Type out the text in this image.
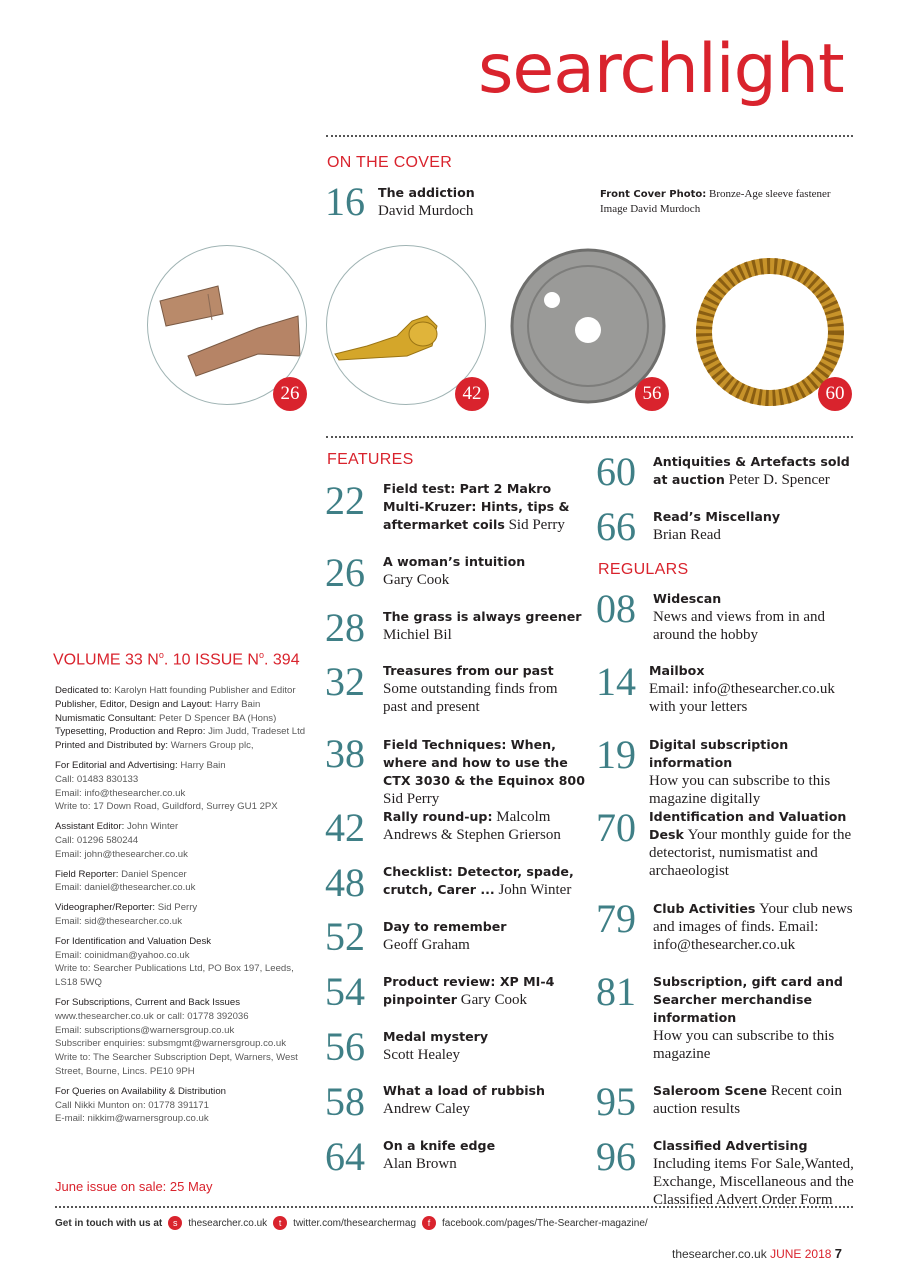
searchlight
ON THE COVER
16 The addiction
David Murdoch
Front Cover Photo: Bronze-Age sleeve fastener
Image David Murdoch
26	42	56	60
FEATURES
22 Field test: Part 2 Makro Multi-Kruzer: Hints, tips & aftermarket coils Sid Perry
26 A woman’s intuition
Gary Cook
28 The grass is always greener
Michiel Bil
32 Treasures from our past
Some outstanding finds from past and present
38 Field Techniques: When, where and how to use the CTX 3030 & the Equinox 800 Sid Perry
42 Rally round-up: Malcolm Andrews & Stephen Grierson
48 Checklist: Detector, spade, crutch, Carer ... John Winter
52 Day to remember
Geoff Graham
54 Product review: XP MI-4 pinpointer Gary Cook
56 Medal mystery
Scott Healey
58 What a load of rubbish
Andrew Caley
64 On a knife edge
Alan Brown
60 Antiquities & Artefacts sold at auction Peter D. Spencer
66 Read’s Miscellany
Brian Read
REGULARS
08 Widescan
News and views from in and around the hobby
14 Mailbox
Email: info@thesearcher.co.uk with your letters
19 Digital subscription information
How you can subscribe to this magazine digitally
70 Identification and Valuation Desk Your monthly guide for the detectorist, numismatist and archaeologist
79 Club Activities Your club news and images of finds. Email: info@thesearcher.co.uk
81 Subscription, gift card and Searcher merchandise information
How you can subscribe to this magazine
95 Saleroom Scene Recent coin auction results
96 Classified Advertising
Including items For Sale,Wanted, Exchange, Miscellaneous and the Classified Advert Order Form
VOLUME 33 $N^o$. 10 ISSUE $N^o$. 394
Dedicated to: Karolyn Hatt founding Publisher and Editor
Publisher, Editor, Design and Layout: Harry Bain
Numismatic Consultant: Peter D Spencer BA (Hons)
Typesetting, Production and Repro: Jim Judd, Tradeset Ltd
Printed and Distributed by: Warners Group plc,
For Editorial and Advertising: Harry Bain
Call: 01483 830133
Email: info@thesearcher.co.uk
Write to: 17 Down Road, Guildford, Surrey GU1 2PX
Assistant Editor: John Winter
Call: 01296 580244
Email: john@thesearcher.co.uk
Field Reporter: Daniel Spencer
Email: daniel@thesearcher.co.uk
Videographer/Reporter: Sid Perry
Email: sid@thesearcher.co.uk
For Identification and Valuation Desk
Email: coinidman@yahoo.co.uk
Write to: Searcher Publications Ltd, PO Box 197, Leeds, LS18 5WQ
For Subscriptions, Current and Back Issues
www.thesearcher.co.uk or call: 01778 392036
Email: subscriptions@warnersgroup.co.uk
Subscriber enquiries: subsmgmt@warnersgroup.co.uk
Write to: The Searcher Subscription Dept, Warners, West Street, Bourne, Lincs. PE10 9PH
For Queries on Availability & Distribution
Call Nikki Munton on: 01778 391171
E-mail: nikkim@warnersgroup.co.uk
June issue on sale: 25 May
Get in touch with us at	s	thesearcher.co.uk	t	twitter.com/thesearchermag	f	facebook.com/pages/The-Searcher-magazine/
thesearcher.co.uk JUNE 2018 7
